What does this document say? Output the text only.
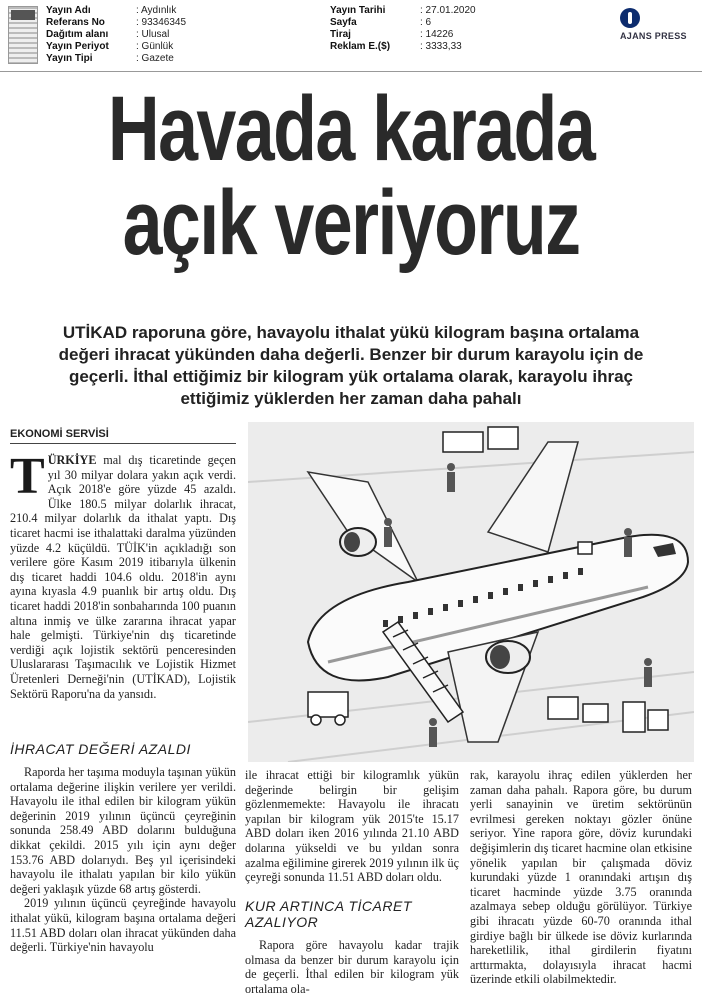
Yayın Adı	: Aydınlık
Referans No	: 93346345
Dağıtım alanı	: Ulusal
Yayın Periyot	: Günlük
Yayın Tipi	: Gazete
Yayın Tarihi	: 27.01.2020
Sayfa	: 6
Tiraj	: 14226
Reklam E.($)	: 3333,33
AJANS PRESS
Havada karada
açık veriyoruz

UTİKAD raporuna göre, havayolu ithalat yükü kilogram başına ortalama değeri ihracat yükünden daha değerli. Benzer bir durum karayolu için de geçerli. İthal ettiğimiz bir kilogram yük ortalama olarak, karayolu ihraç ettiğimiz yüklerden her zaman daha pahalı

EKONOMİ SERVİSİ

TÜRKİYE mal dış ticaretinde geçen yıl 30 milyar dolara yakın açık verdi. Açık 2018'e göre yüzde 45 azaldı. Ülke 180.5 milyar dolarlık ihracat, 210.4 milyar dolarlık da ithalat yaptı. Dış ticaret hacmi ise ithalattaki daralma yüzünden yüzde 4.2 küçüldü. TÜİK'in açıkladığı son verilere göre Kasım 2019 itibarıyla ülkenin dış ticaret haddi 104.6 oldu. 2018'in aynı ayına kıyasla 4.9 puanlık bir artış oldu. Dış ticaret haddi 2018'in sonbaharında 100 puanın altına inmiş ve ülke zararına ihracat yapar hale gelmişti. Türkiye'nin dış ticaretinde verdiği açık lojistik sektörü penceresinden Uluslararası Taşımacılık ve Lojistik Hizmet Üretenleri Derneği'nin (UTİKAD), Lojistik Sektörü Raporu'na da yansıdı.

İHRACAT DEĞERİ AZALDI

Raporda her taşıma moduyla taşınan yükün ortalama değerine ilişkin verilere yer verildi. Havayolu ile ithal edilen bir kilogram yükün değerinin 2019 yılının üçüncü çeyreğinin sonunda 258.49 ABD dolarını bulduğuna dikkat çekildi. 2015 yılı için aynı değer 153.76 ABD dolarıydı. Beş yıl içerisindeki havayolu ile ithalatı yapılan bir kilo yükün değeri yaklaşık yüzde 68 artış gösterdi.

2019 yılının üçüncü çeyreğinde havayolu ithalat yükü, kilogram başına ortalama değeri 11.51 ABD doları olan ihracat yükünden daha değerli. Türkiye'nin havayolu

ile ihracat ettiği bir kilogramlık yükün değerinde belirgin bir gelişim gözlenmemekte: Havayolu ile ihracatı yapılan bir kilogram yük 2015'te 15.17 ABD doları iken 2016 yılında 21.10 ABD dolarına yükseldi ve bu yıldan sonra azalma eğilimine girerek 2019 yılının ilk üç çeyreği sonunda 11.51 ABD doları oldu.

KUR ARTINCA TİCARET AZALIYOR

Rapora göre havayolu kadar trajik olmasa da benzer bir durum karayolu için de geçerli. İthal edilen bir kilogram yük ortalama ola-

rak, karayolu ihraç edilen yüklerden her zaman daha pahalı. Rapora göre, bu durum yerli sanayinin ve üretim sektörünün evrilmesi gereken noktayı gözler önüne seriyor. Yine rapora göre, döviz kurundaki değişimlerin dış ticaret hacmine olan etkisine yönelik yapılan bir çalışmada döviz kurundaki yüzde 1 oranındaki artışın dış ticaret hacminde yüzde 3.75 oranında azalmaya sebep olduğu görülüyor. Türkiye gibi ihracatı yüzde 60-70 oranında ithal girdiye bağlı bir ülkede ise döviz kurlarında hareketlilik, ithal girdilerin fiyatını arttırmakta, dolayısıyla ihracat hacmi üzerinde etkili olabilmektedir.
